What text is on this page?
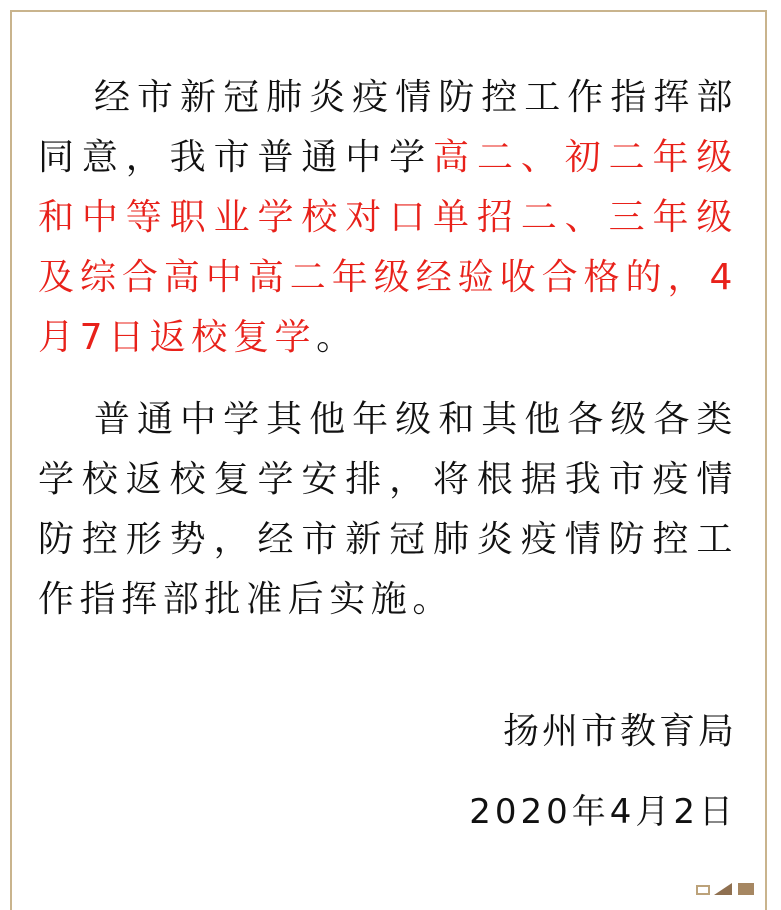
经市新冠肺炎疫情防控工作指挥部同意，我市普通中学高二、初二年级和中等职业学校对口单招二、三年级及综合高中高二年级经验收合格的，4月7日返校复学。

普通中学其他年级和其他各级各类学校返校复学安排，将根据我市疫情防控形势，经市新冠肺炎疫情防控工作指挥部批准后实施。

扬州市教育局
2020年4月2日
